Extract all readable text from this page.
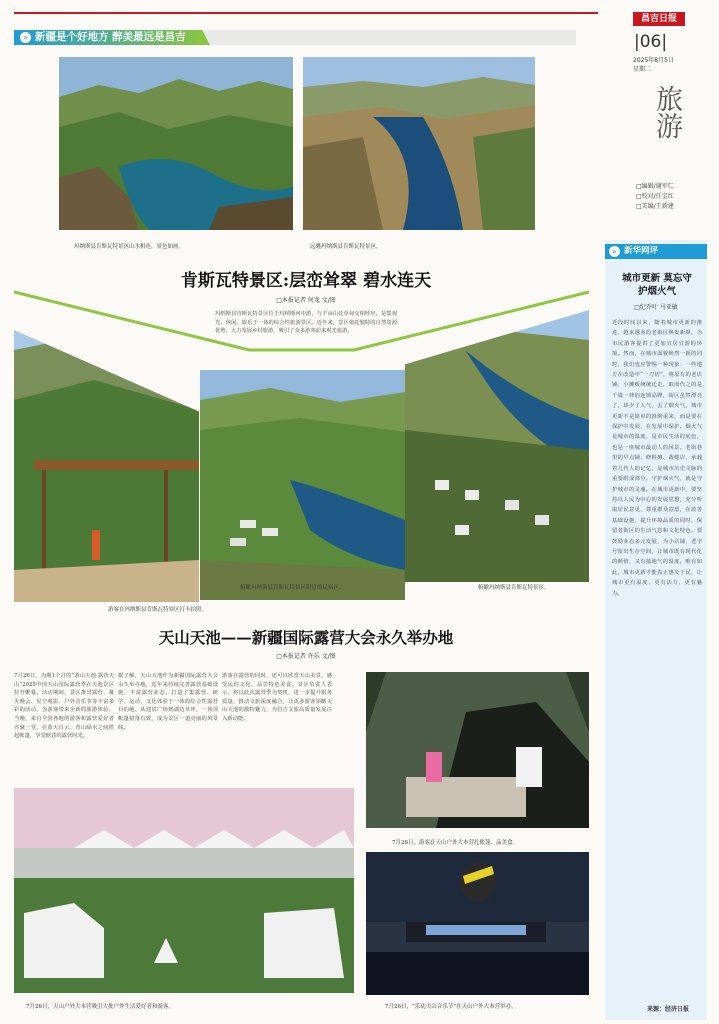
» 新疆是个好地方 醉美最远是昌吉
昌吉日报
|06|
2025年8月5日
星期二
旅游
□编辑/谢军仁
□校对/任宝红
□美编/王新建
玛纳斯县肯斯瓦特景区山水相连，景色如画。	远眺玛纳斯县肯斯瓦特景区。
肯斯瓦特景区:层峦耸翠 碧水连天
□本报记者 何龙 文/图
玛纳斯县肯斯瓦特景区位于玛纳斯河中游，与千亩山花草甸交相呼应，是集观光、休闲、娱乐于一体的综合性旅游景区。近年来，景区依托独特的自然资源优势，大力发展乡村旅游，吸引了众多游客前来观光旅游。
游客在玛纳斯县肯斯瓦特景区打卡拍照。
俯瞰玛纳斯县肯斯瓦特景区附近的民宿区。	俯瞰玛纳斯县肯斯瓦特景区。
天山天池——新疆国际露营大会永久举办地
□本报记者 许乐 文/图
7月26日，为期1个月的“游山天池·露营天山”2025中国天山国际露营季在天池景区拉开帷幕。活动期间，景区推出露营、篝火晚会、星空观影、户外音乐节等丰富多彩的活动，为游客带来全新的旅游体验。当晚，来自全国各地的游客和露营爱好者齐聚一堂，在蓝天白云、青山绿水之间搭起帐篷，享受惬意的露营时光。
据了解，天山天池作为新疆国际露营大会永久举办地，近年来持续完善露营基础设施，丰富露营业态，打造了集露营、研学、运动、文化体验于一体的综合性露营目的地。从迎宾广场到湖边草坪，一顶顶帐篷错落有致，成为景区一道亮丽的风景线。
游客在露营的同时，还可以欣赏天山美景，感受民俗文化，品尝特色美食。景区负责人表示，将以此次露营季为契机，进一步提升服务质量，推动文旅深度融合，让更多游客领略天山天池的独特魅力，为昌吉文旅高质量发展注入新动能。
7月26日，游客在天山户外大本营扎帐篷、品美食。
7月26日，天山户外大本营吸引大批户外生活爱好者和游客。	7月26日，“乐动天山音乐节”在天山户外大本营举办。
» 新华网评
城市更新 莫忘守护烟火气
□纪乔叶 马亚敏
近段时间以来，随着城市更新的推进，越来越多的老街区焕发新颜，为市民游客提供了更加宜居宜游的环境。然而，在城市面貌焕然一新的同时，我们也应警惕一种现象：一些地方在改造中“一刀切”，将原有的老店铺、小摊贩统统迁走，取而代之的是千篇一律的连锁品牌，街区虽然漂亮了，却少了人气，丢了烟火气。城市更新不是简单的推倒重来，而是要在保护中发展、在发展中保护。烟火气是城市的温度，是市民生活的底色，也是一座城市最动人的风景。老街巷里的早点铺、修鞋摊、裁缝店，承载着几代人的记忆，是城市历史文脉的重要组成部分。守护烟火气，就是守护城市的灵魂。在城市更新中，要坚持以人民为中心的发展思想，充分听取居民意见，尊重群众意愿，在改善基础设施、提升环境品质的同时，保留老街区的生活气息和文化特色。要鼓励业态多元发展，为小店铺、老字号留出生存空间，让城市既有现代化的颜值，又有接地气的温度。唯有如此，城市更新才能真正惠及于民，让城市更有温度、更有活力、更有魅力。
来源：经济日报
